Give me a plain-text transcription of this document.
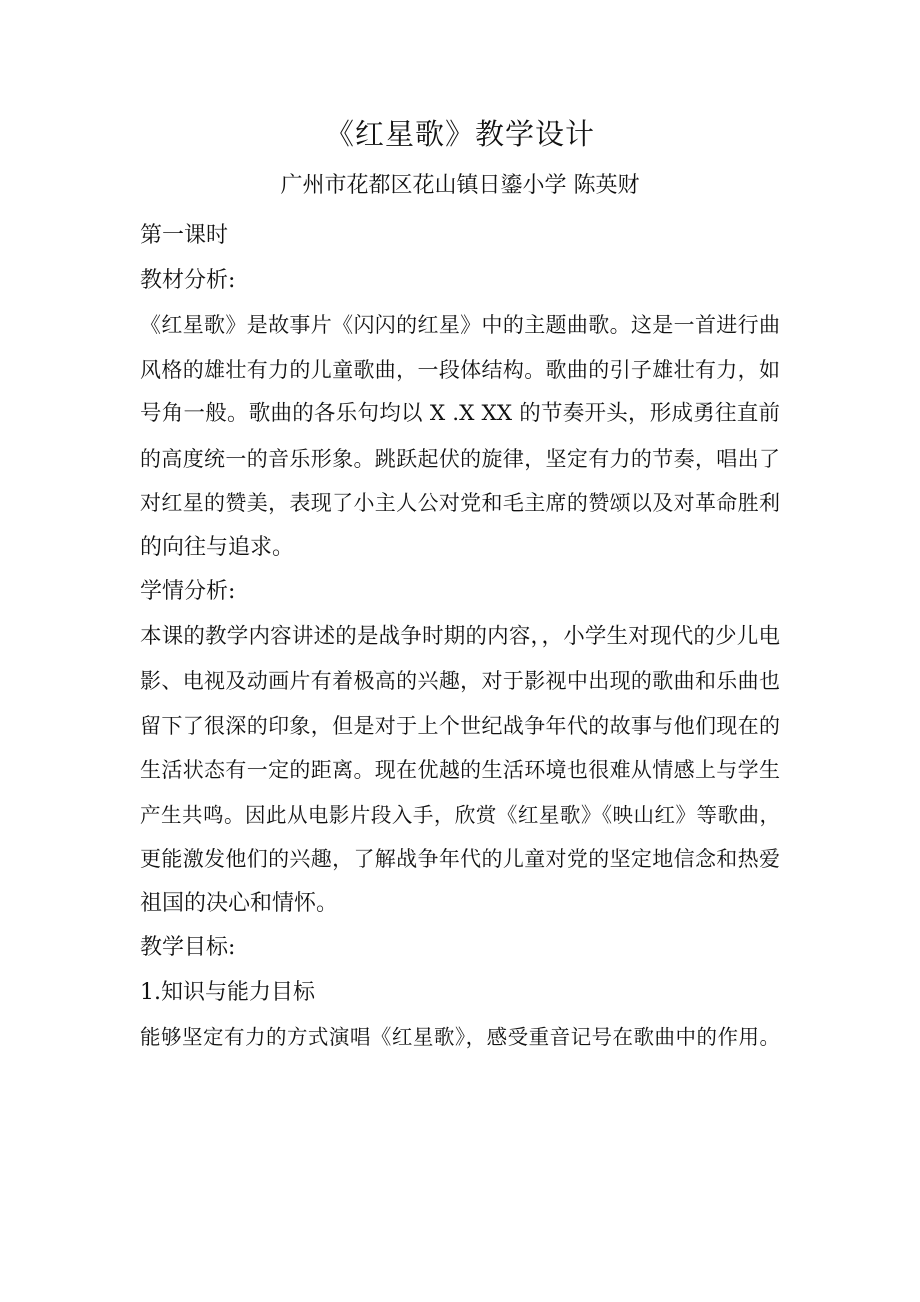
《红星歌》教学设计
广州市花都区花山镇日鎏小学 陈英财
第一课时
教材分析:
《红星歌》是故事片《闪闪的红星》中的主题曲歌。这是一首进行曲
风格的雄壮有力的儿童歌曲，一段体结构。歌曲的引子雄壮有力，如
号角一般。歌曲的各乐句均以 X .X XX 的节奏开头，形成勇往直前
的高度统一的音乐形象。跳跃起伏的旋律，坚定有力的节奏，唱出了
对红星的赞美，表现了小主人公对党和毛主席的赞颂以及对革命胜利
的向往与追求。
学情分析:
本课的教学内容讲述的是战争时期的内容，，小学生对现代的少儿电
影、电视及动画片有着极高的兴趣，对于影视中出现的歌曲和乐曲也
留下了很深的印象，但是对于上个世纪战争年代的故事与他们现在的
生活状态有一定的距离。现在优越的生活环境也很难从情感上与学生
产生共鸣。因此从电影片段入手，欣赏《红星歌》《映山红》等歌曲，
更能激发他们的兴趣，了解战争年代的儿童对党的坚定地信念和热爱
祖国的决心和情怀。
教学目标:
1.知识与能力目标
能够坚定有力的方式演唱《红星歌》，感受重音记号在歌曲中的作用。
